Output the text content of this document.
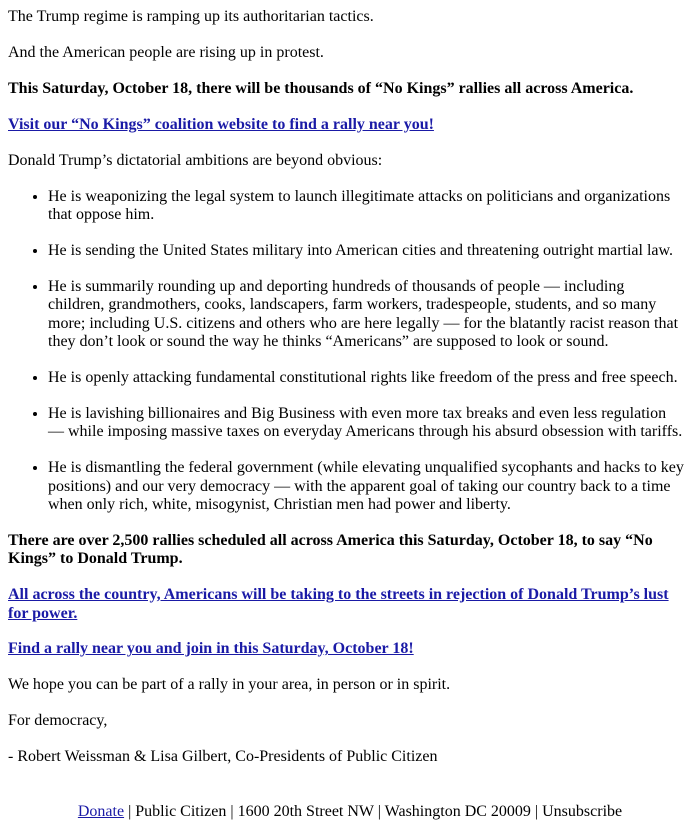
The Trump regime is ramping up its authoritarian tactics.

And the American people are rising up in protest.

This Saturday, October 18, there will be thousands of “No Kings” rallies all across America.

Visit our “No Kings” coalition website to find a rally near you!

Donald Trump’s dictatorial ambitions are beyond obvious:

• He is weaponizing the legal system to launch illegitimate attacks on politicians and organizations that oppose him.
• He is sending the United States military into American cities and threatening outright martial law.
• He is summarily rounding up and deporting hundreds of thousands of people — including children, grandmothers, cooks, landscapers, farm workers, tradespeople, students, and so many more; including U.S. citizens and others who are here legally — for the blatantly racist reason that they don’t look or sound the way he thinks “Americans” are supposed to look or sound.
• He is openly attacking fundamental constitutional rights like freedom of the press and free speech.
• He is lavishing billionaires and Big Business with even more tax breaks and even less regulation — while imposing massive taxes on everyday Americans through his absurd obsession with tariffs.
• He is dismantling the federal government (while elevating unqualified sycophants and hacks to key positions) and our very democracy — with the apparent goal of taking our country back to a time when only rich, white, misogynist, Christian men had power and liberty.

There are over 2,500 rallies scheduled all across America this Saturday, October 18, to say “No Kings” to Donald Trump.

All across the country, Americans will be taking to the streets in rejection of Donald Trump’s lust for power.

Find a rally near you and join in this Saturday, October 18!

We hope you can be part of a rally in your area, in person or in spirit.

For democracy,

- Robert Weissman & Lisa Gilbert, Co-Presidents of Public Citizen

Donate | Public Citizen | 1600 20th Street NW | Washington DC 20009 | Unsubscribe
